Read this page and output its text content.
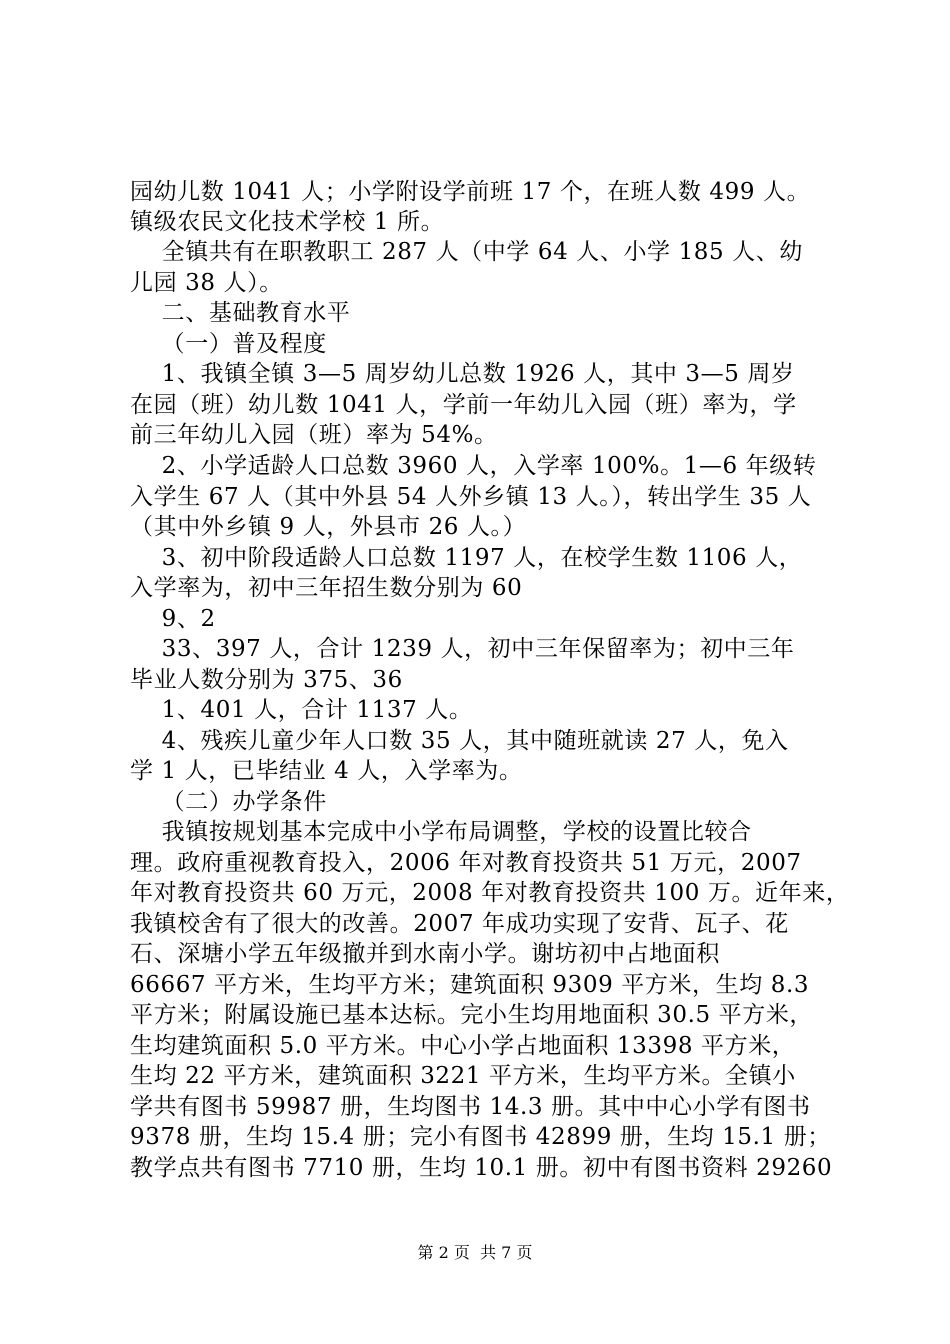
园幼儿数 1041 人；小学附设学前班 17 个，在班人数 499 人。
镇级农民文化技术学校 1 所。
全镇共有在职教职工 287 人（中学 64 人、小学 185 人、幼
儿园 38 人）。
二、基础教育水平
（一）普及程度
1、我镇全镇 3—5 周岁幼儿总数 1926 人，其中 3—5 周岁
在园（班）幼儿数 1041 人，学前一年幼儿入园（班）率为，学
前三年幼儿入园（班）率为 54%。
2、小学适龄人口总数 3960 人，入学率 100%。1—6 年级转
入学生 67 人（其中外县 54 人外乡镇 13 人。），转出学生 35 人
（其中外乡镇 9 人，外县市 26 人。）
3、初中阶段适龄人口总数 1197 人，在校学生数 1106 人，
入学率为，初中三年招生数分别为 60
9、2
33、397 人，合计 1239 人，初中三年保留率为；初中三年
毕业人数分别为 375、36
1、401 人，合计 1137 人。
4、残疾儿童少年人口数 35 人，其中随班就读 27 人，免入
学 1 人，已毕结业 4 人，入学率为。
（二）办学条件
我镇按规划基本完成中小学布局调整，学校的设置比较合
理。政府重视教育投入，2006 年对教育投资共 51 万元，2007
年对教育投资共 60 万元，2008 年对教育投资共 100 万。近年来，
我镇校舍有了很大的改善。2007 年成功实现了安背、瓦子、花
石、深塘小学五年级撤并到水南小学。谢坊初中占地面积
66667 平方米，生均平方米；建筑面积 9309 平方米，生均 8.3
平方米；附属设施已基本达标。完小生均用地面积 30.5 平方米，
生均建筑面积 5.0 平方米。中心小学占地面积 13398 平方米，
生均 22 平方米，建筑面积 3221 平方米，生均平方米。全镇小
学共有图书 59987 册，生均图书 14.3 册。其中中心小学有图书
9378 册，生均 15.4 册；完小有图书 42899 册，生均 15.1 册；
教学点共有图书 7710 册，生均 10.1 册。初中有图书资料 29260
第 2 页  共 7 页
